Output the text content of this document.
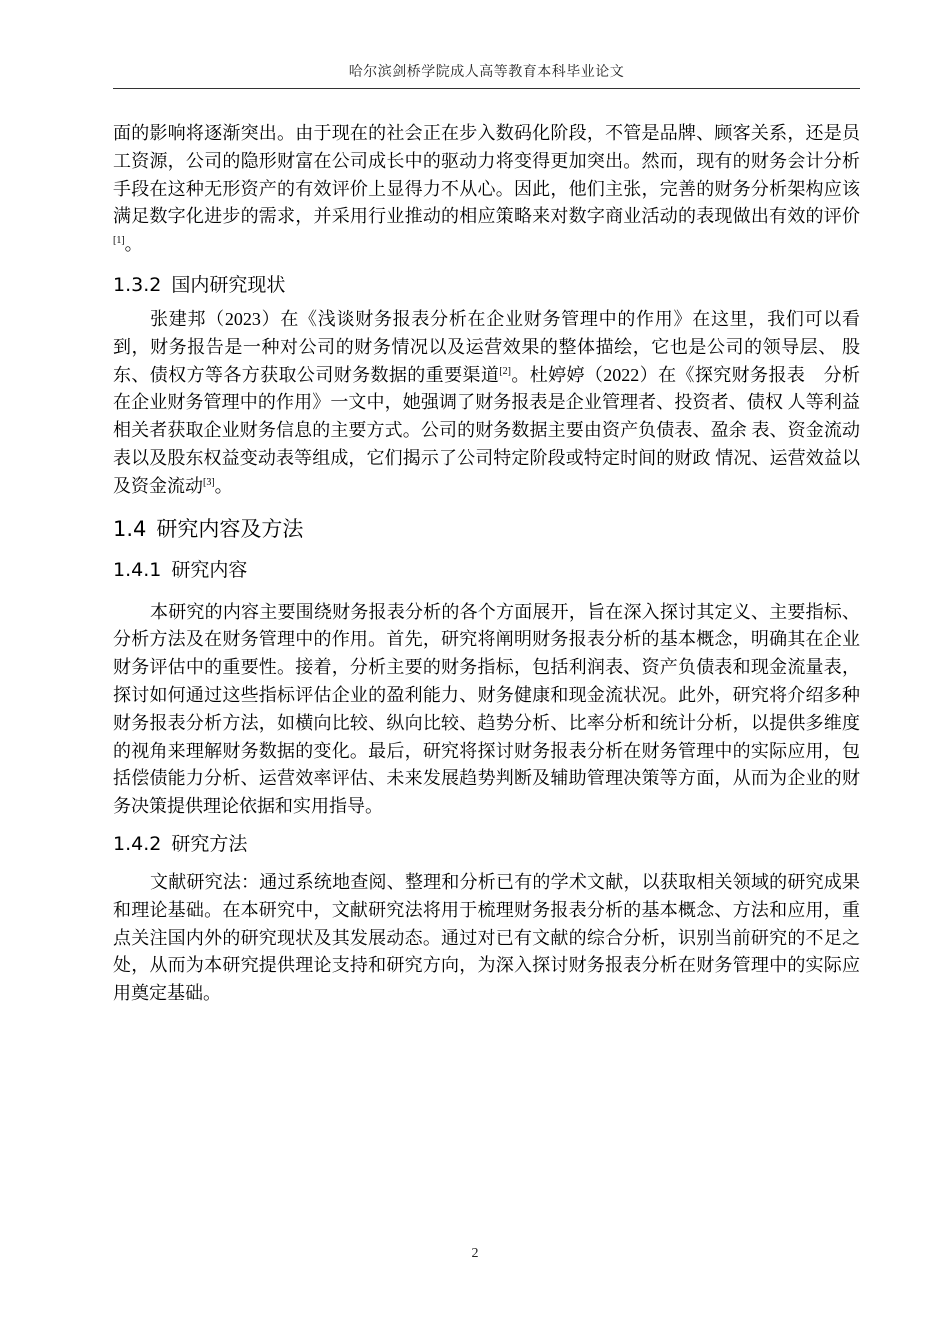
哈尔滨剑桥学院成人高等教育本科毕业论文

面的影响将逐渐突出。由于现在的社会正在步入数码化阶段，不管是品牌、顾客关系，还是员工资源，公司的隐形财富在公司成长中的驱动力将变得更加突出。然而，现有的财务会计分析手段在这种无形资产的有效评价上显得力不从心。因此，他们主张，完善的财务分析架构应该满足数字化进步的需求，并采用行业推动的相应策略来对数字商业活动的表现做出有效的评价[1]。

1.3.2 国内研究现状

张建邦（2023）在《浅谈财务报表分析在企业财务管理中的作用》在这里，我们可以看到，财务报告是一种对公司的财务情况以及运营效果的整体描绘，它也是公司的领导层、 股东、债权方等各方获取公司财务数据的重要渠道[2]。杜婷婷（2022）在《探究财务报表　分析在企业财务管理中的作用》一文中，她强调了财务报表是企业管理者、投资者、债权 人等利益相关者获取企业财务信息的主要方式。公司的财务数据主要由资产负债表、盈余 表、资金流动表以及股东权益变动表等组成，它们揭示了公司特定阶段或特定时间的财政 情况、运营效益以及资金流动[3]。

1.4 研究内容及方法
1.4.1 研究内容

本研究的内容主要围绕财务报表分析的各个方面展开，旨在深入探讨其定义、主要指标、分析方法及在财务管理中的作用。首先，研究将阐明财务报表分析的基本概念，明确其在企业财务评估中的重要性。接着，分析主要的财务指标，包括利润表、资产负债表和现金流量表，探讨如何通过这些指标评估企业的盈利能力、财务健康和现金流状况。此外，研究将介绍多种财务报表分析方法，如横向比较、纵向比较、趋势分析、比率分析和统计分析，以提供多维度的视角来理解财务数据的变化。最后，研究将探讨财务报表分析在财务管理中的实际应用，包括偿债能力分析、运营效率评估、未来发展趋势判断及辅助管理决策等方面，从而为企业的财务决策提供理论依据和实用指导。

1.4.2 研究方法

文献研究法：通过系统地查阅、整理和分析已有的学术文献，以获取相关领域的研究成果和理论基础。在本研究中，文献研究法将用于梳理财务报表分析的基本概念、方法和应用，重点关注国内外的研究现状及其发展动态。通过对已有文献的综合分析，识别当前研究的不足之处，从而为本研究提供理论支持和研究方向，为深入探讨财务报表分析在财务管理中的实际应用奠定基础。

2
